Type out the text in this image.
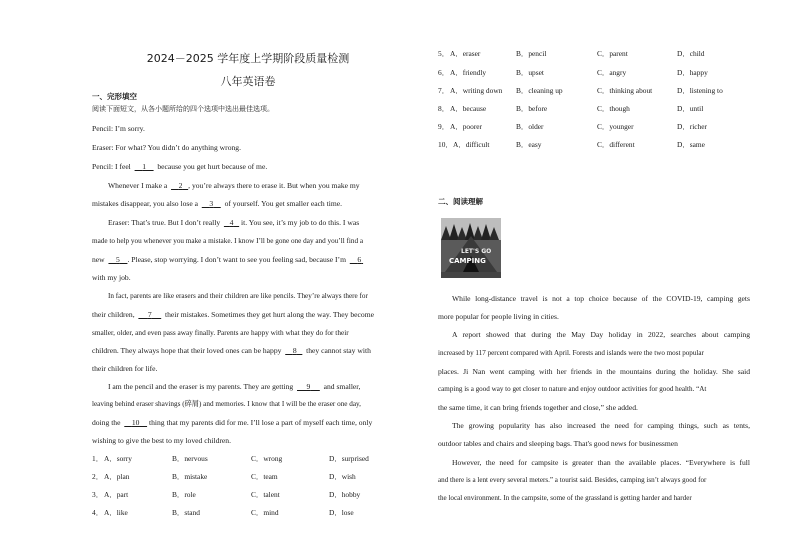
2024－2025 学年度上学期阶段质量检测
八年英语卷
一、完形填空
阅读下面短文，从各小题所给的四个选项中选出最佳选项。
Pencil: I’m sorry.
Eraser: For what? You didn’t do anything wrong.
Pencil: I feel 1 because you get hurt because of me.
Whenever I make a 2 , you’re always there to erase it. But when you make my
mistakes disappear, you also lose a 3 of yourself. You get smaller each time.
Eraser: That’s true. But I don’t really 4 it. You see, it’s my job to do this. I was
made to help you whenever you make a mistake. I know I’ll be gone one day and you’ll find a
new 5 . Please, stop worrying. I don’t want to see you feeling sad, because I’m 6
with my job.
In fact, parents are like erasers and their children are like pencils. They’re always there for
their children, 7 their mistakes. Sometimes they get hurt along the way. They become
smaller, older, and even pass away finally. Parents are happy with what they do for their
children. They always hope that their loved ones can be happy 8 they cannot stay with
their children for life.
I am the pencil and the eraser is my parents. They are getting 9 and smaller,
leaving behind eraser shavings (碎屑) and memories. I know that I will be the eraser one day,
doing the 10 thing that my parents did for me. I’ll lose a part of myself each time, only
wishing to give the best to my loved children.
1． A．sorry	B．nervous	C．wrong	D．surprised
2． A．plan	B．mistake	C．team	D．wish
3． A．part	B．role	C．talent	D．hobby
4． A．like	B．stand	C．mind	D．lose
5． A．eraser	B．pencil	C．parent	D．child
6． A．friendly	B．upset	C．angry	D．happy
7． A．writing down B．cleaning up	C．thinking about	D．listening to
8． A．because	B．before	C．though	D．until
9． A．poorer	B．older	C．younger	D．richer
10． A．difficult	B．easy	C．different	D．same
二、阅读理解
LET'S GO
CAMPING
While long-distance travel is not a top choice because of the COVID-19, camping gets
more popular for people living in cities.
A report showed that during the May Day holiday in 2022, searches about camping
increased by 117 percent compared with April. Forests and islands were the two most popular
places. Ji Nan went camping with her friends in the mountains during the holiday. She said
camping is a good way to get closer to nature and enjoy outdoor activities for good health. “At
the same time, it can bring friends together and close,” she added.
The growing popularity has also increased the need for camping things, such as tents,
outdoor tables and chairs and sleeping bags. That's good news for businessmen
However, the need for campsite is greater than the available places. “Everywhere is full
and there is a lent every several meters.” a tourist said. Besides, camping isn’t always good for
the local environment. In the campsite, some of the grassland is getting harder and harder
